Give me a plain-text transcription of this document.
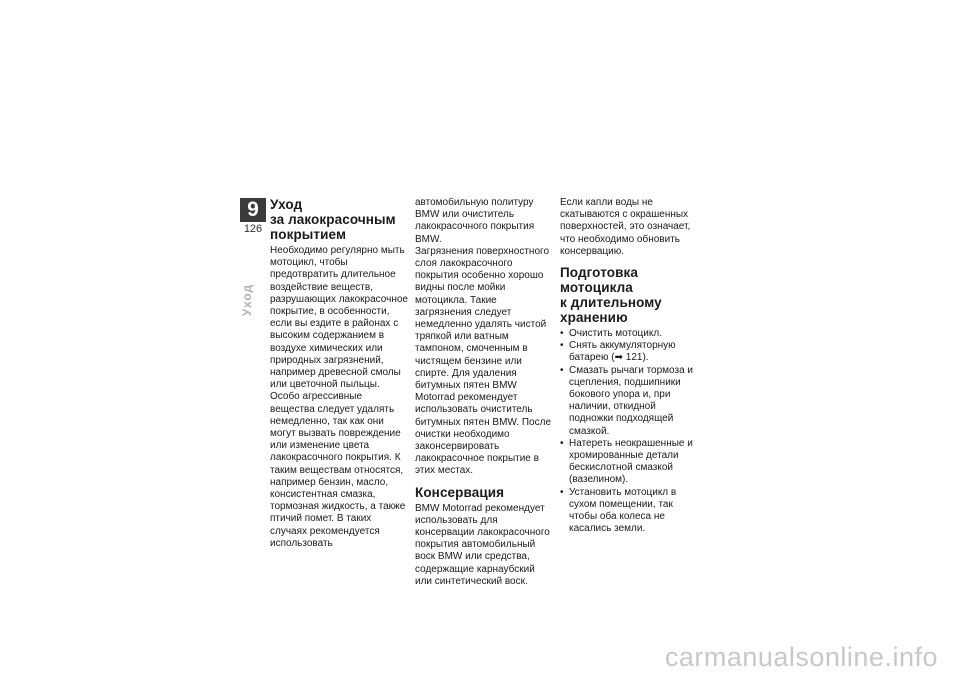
9
126
Уход
Уход
за лакокрасочным
покрытием

Необходимо регулярно мыть мотоцикл, чтобы предотвратить длительное воздействие веществ, разрушающих лакокрасочное покрытие, в особенности, если вы ездите в районах с высоким содержанием в воздухе химических или природных загрязнений, например древесной смолы или цветочной пыльцы.

Особо агрессивные вещества следует удалять немедленно, так как они могут вызвать повреждение или изменение цвета лакокрасочного покрытия. К таким веществам относятся, например бензин, масло, консистентная смазка, тормозная жидкость, а также птичий помет. В таких случаях рекомендуется использовать

автомобильную политуру BMW или очиститель лакокрасочного покрытия BMW.

Загрязнения поверхностного слоя лакокрасочного покрытия особенно хорошо видны после мойки мотоцикла. Такие загрязнения следует немедленно удалять чистой тряпкой или ватным тампоном, смоченным в чистящем бензине или спирте. Для удаления битумных пятен BMW Motorrad рекомендует использовать очиститель битумных пятен BMW. После очистки необходимо законсервировать лакокрасочное покрытие в этих местах.

Консервация

BMW Motorrad рекомендует использовать для консервации лакокрасочного покрытия автомобильный воск BMW или средства, содержащие карнаубский или синтетический воск.

Если капли воды не скатываются с окрашенных поверхностей, это означает, что необходимо обновить консервацию.

Подготовка мотоцикла
к длительному
хранению
• Очистить мотоцикл.
• Снять аккумуляторную батарею (➡ 121).
• Смазать рычаги тормоза и сцепления, подшипники бокового упора и, при наличии, откидной подножки подходящей смазкой.
• Натереть неокрашенные и хромированные детали бескислотной смазкой (вазелином).
• Установить мотоцикл в сухом помещении, так чтобы оба колеса не касались земли.
carmanualsonline.info
